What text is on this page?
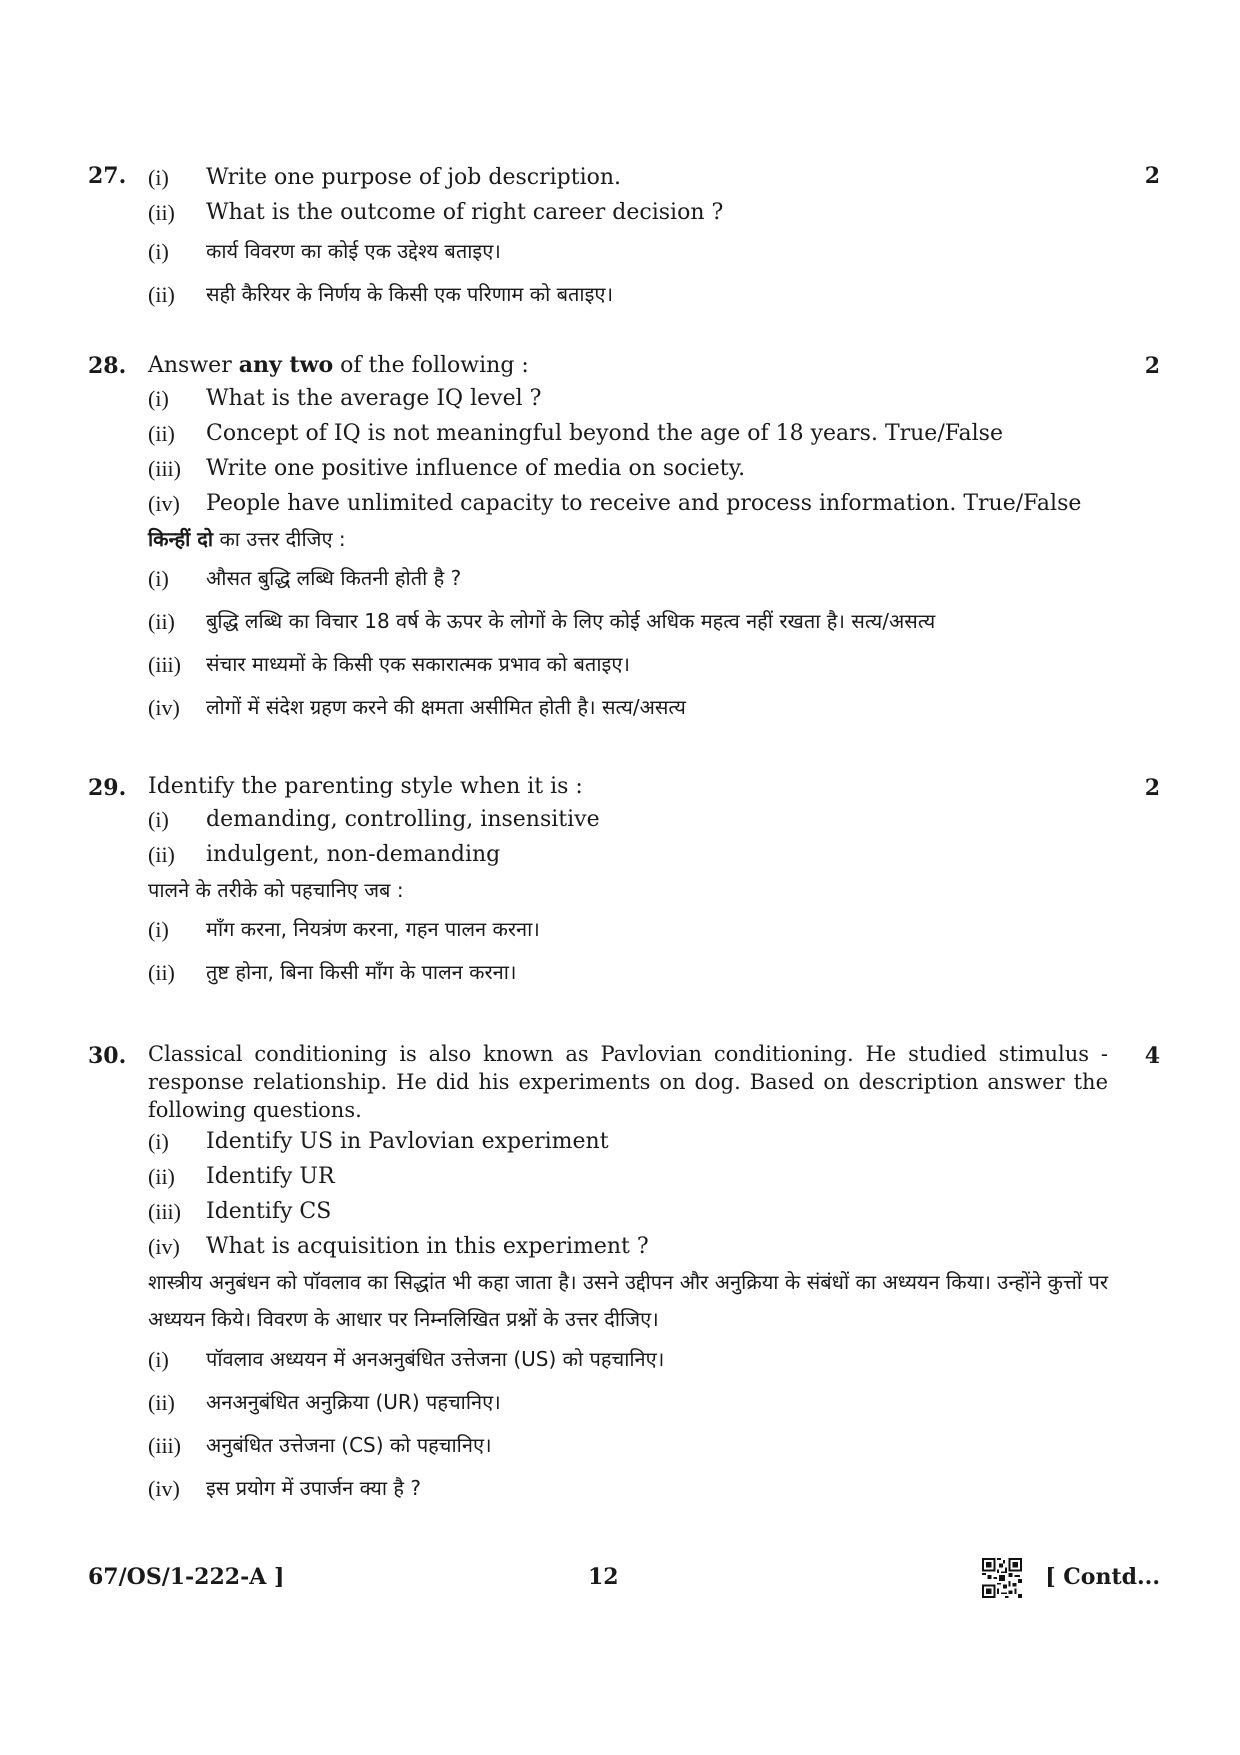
27.	2
(i)	Write one purpose of job description.
(ii)	What is the outcome of right career decision ?
(i)	कार्य विवरण का कोई एक उद्देश्य बताइए।
(ii)	सही कैरियर के निर्णय के किसी एक परिणाम को बताइए।
28.	2
Answer any two of the following :
(i)	What is the average IQ level ?
(ii)	Concept of IQ is not meaningful beyond the age of 18 years. True/False
(iii)	Write one positive influence of media on society.
(iv)	People have unlimited capacity to receive and process information. True/False
किन्हीं दो का उत्तर दीजिए :
(i)	औसत बुद्धि लब्धि कितनी होती है ?
(ii)	बुद्धि लब्धि का विचार 18 वर्ष के ऊपर के लोगों के लिए कोई अधिक महत्व नहीं रखता है। सत्य/असत्य
(iii)	संचार माध्यमों के किसी एक सकारात्मक प्रभाव को बताइए।
(iv)	लोगों में संदेश ग्रहण करने की क्षमता असीमित होती है। सत्य/असत्य
29.	2
Identify the parenting style when it is :
(i)	demanding, controlling, insensitive
(ii)	indulgent, non-demanding
पालने के तरीके को पहचानिए जब :
(i)	माँग करना, नियत्रंण करना, गहन पालन करना।
(ii)	तुष्ट होना, बिना किसी माँग के पालन करना।
30.	4
Classical conditioning is also known as Pavlovian conditioning. He studied stimulus - response relationship. He did his experiments on dog. Based on description answer the following questions.
(i)	Identify US in Pavlovian experiment
(ii)	Identify UR
(iii)	Identify CS
(iv)	What is acquisition in this experiment ?
शास्त्रीय अनुबंधन को पॉवलाव का सिद्धांत भी कहा जाता है। उसने उद्दीपन और अनुक्रिया के संबंधों का अध्ययन किया। उन्होंने कुत्तों पर अध्ययन किये। विवरण के आधार पर निम्नलिखित प्रश्नों के उत्तर दीजिए।
(i)	पॉवलाव अध्ययन में अनअनुबंधित उत्तेजना (US) को पहचानिए।
(ii)	अनअनुबंधित अनुक्रिया (UR) पहचानिए।
(iii)	अनुबंधित उत्तेजना (CS) को पहचानिए।
(iv)	इस प्रयोग में उपार्जन क्या है ?
67/OS/1-222-A ]	12	[ Contd...
